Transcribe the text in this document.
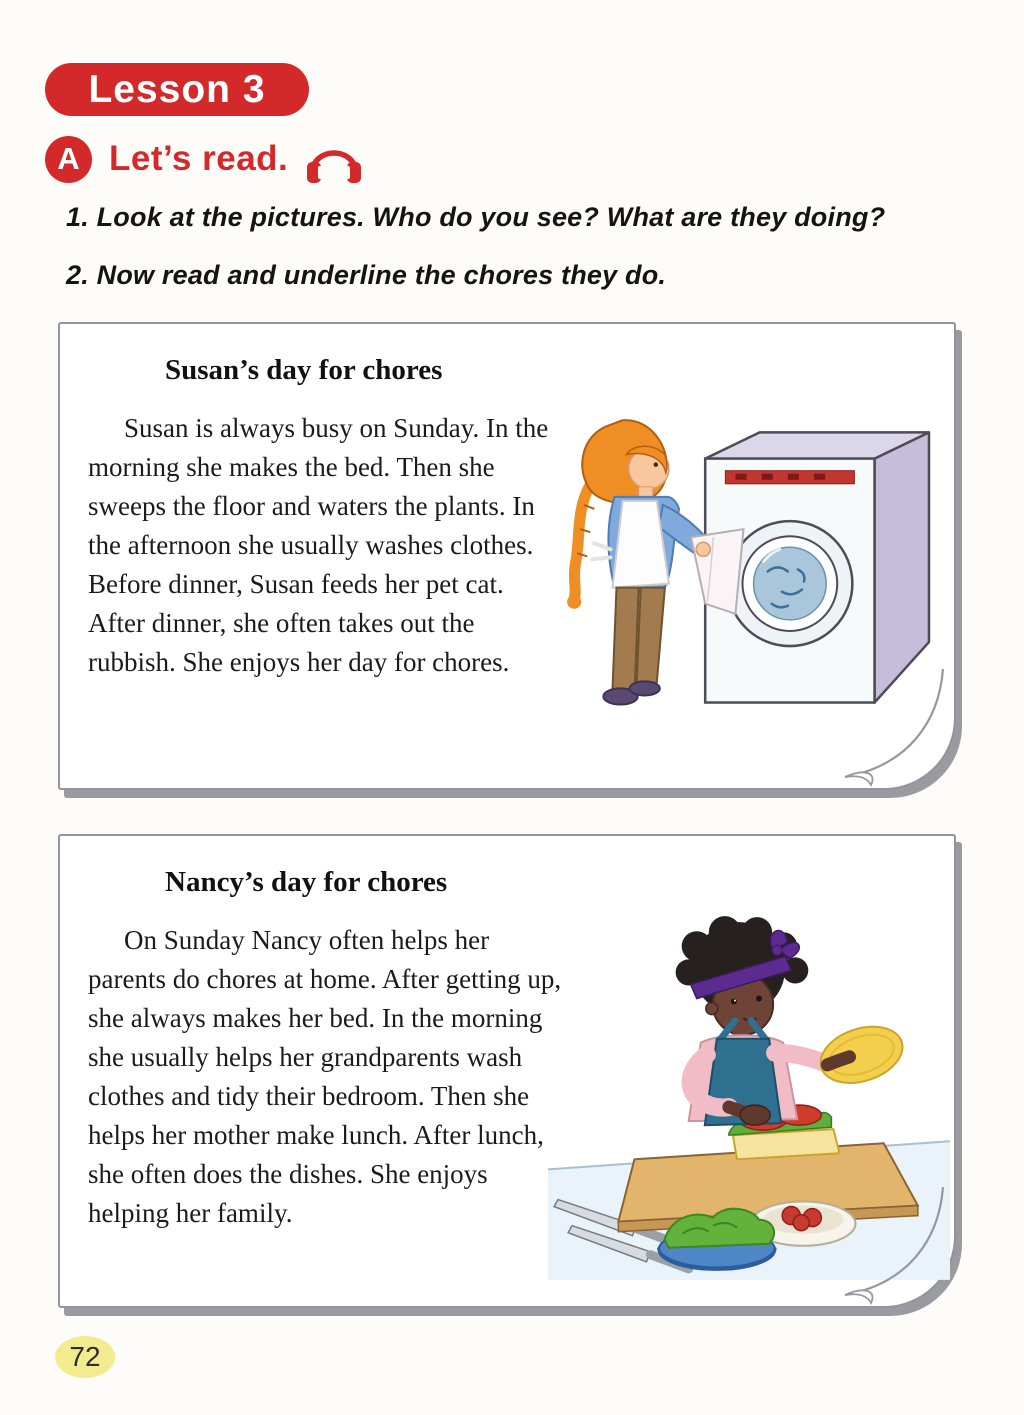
Lesson 3
A Let’s read.
1. Look at the pictures. Who do you see? What are they doing?
2. Now read and underline the chores they do.
Susan’s day for chores
Susan is always busy on Sunday. In the morning she makes the bed. Then she sweeps the floor and waters the plants. In the afternoon she usually washes clothes. Before dinner, Susan feeds her pet cat. After dinner, she often takes out the rubbish. She enjoys her day for chores.
Nancy’s day for chores
On Sunday Nancy often helps her parents do chores at home. After getting up, she always makes her bed. In the morning she usually helps her grandparents wash clothes and tidy their bedroom. Then she helps her mother make lunch. After lunch, she often does the dishes. She enjoys helping her family.
72
